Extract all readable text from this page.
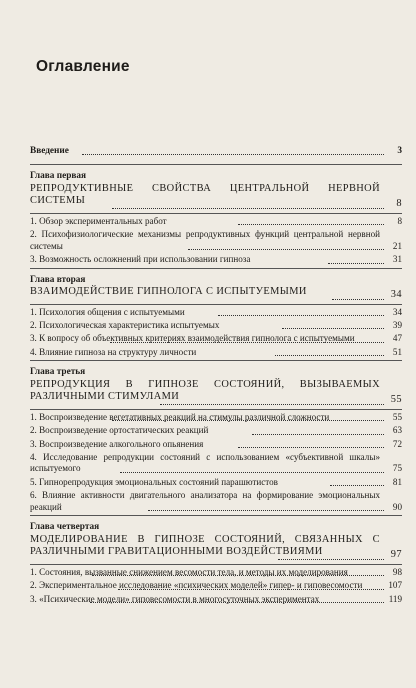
Оглавление
Введение	3
Глава первая
РЕПРОДУКТИВНЫЕ СВОЙСТВА ЦЕНТРАЛЬНОЙ НЕРВНОЙ СИСТЕМЫ	8
1. Обзор экспериментальных работ	8
2. Психофизиологические механизмы репродуктивных функций центральной нервной системы	21
3. Возможность осложнений при использовании гипноза	31
Глава вторая
ВЗАИМОДЕЙСТВИЕ ГИПНОЛОГА С ИСПЫТУЕМЫМИ	34
1. Психология общения с испытуемыми	34
2. Психологическая характеристика испытуемых	39
3. К вопросу об объективных критериях взаимодействия гипнолога с испытуемыми	47
4. Влияние гипноза на структуру личности	51
Глава третья
РЕПРОДУКЦИЯ В ГИПНОЗЕ СОСТОЯНИЙ, ВЫЗЫВАЕМЫХ РАЗЛИЧНЫМИ СТИМУЛАМИ	55
1. Воспроизведение вегетативных реакций на стимулы различной сложности	55
2. Воспроизведение ортостатических реакций	63
3. Воспроизведение алкогольного опьянения	72
4. Исследование репродукции состояний с использованием «субъективной шкалы» испытуемого	75
5. Гипнорепродукция эмоциональных состояний парашютистов	81
6. Влияние активности двигательного анализатора на формирование эмоциональных реакций	90
Глава четвертая
МОДЕЛИРОВАНИЕ В ГИПНОЗЕ СОСТОЯНИЙ, СВЯЗАННЫХ С РАЗЛИЧНЫМИ ГРАВИТАЦИОННЫМИ ВОЗДЕЙСТВИЯМИ	97
1. Состояния, вызванные снижением весомости тела, и методы их моделирования	98
2. Экспериментальное исследование «психических моделей» гипер- и гиповесомости	107
3. «Психические модели» гиповесомости в многосуточных экспериментах	119
